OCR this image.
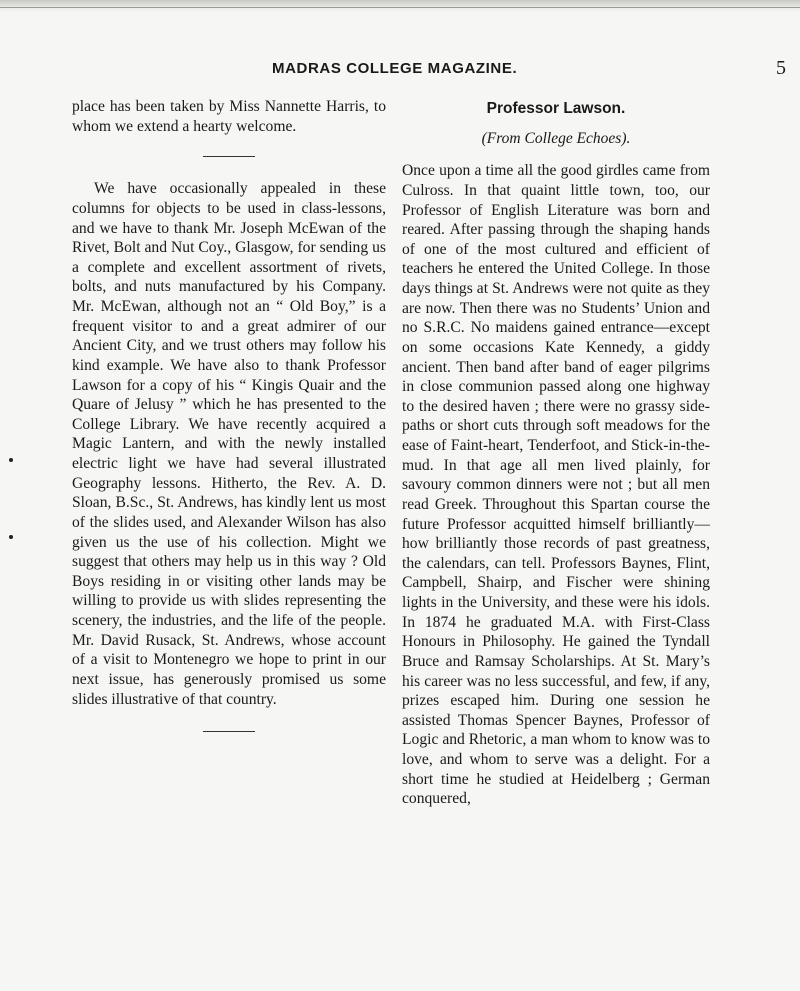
MADRAS COLLEGE MAGAZINE.	5

place has been taken by Miss Nannette Harris, to whom we extend a hearty welcome.

We have occasionally appealed in these columns for objects to be used in class-lessons, and we have to thank Mr. Joseph McEwan of the Rivet, Bolt and Nut Coy., Glasgow, for sending us a complete and excellent assortment of rivets, bolts, and nuts manufactured by his Company. Mr. McEwan, although not an “ Old Boy,” is a frequent visitor to and a great admirer of our Ancient City, and we trust others may follow his kind example. We have also to thank Professor Lawson for a copy of his “ Kingis Quair and the Quare of Jelusy ” which he has presented to the College Library. We have recently acquired a Magic Lantern, and with the newly installed electric light we have had several illustrated Geography lessons. Hitherto, the Rev. A. D. Sloan, B.Sc., St. Andrews, has kindly lent us most of the slides used, and Alexander Wilson has also given us the use of his collection. Might we suggest that others may help us in this way ? Old Boys residing in or visiting other lands may be willing to provide us with slides representing the scenery, the industries, and the life of the people. Mr. David Rusack, St. Andrews, whose account of a visit to Montenegro we hope to print in our next issue, has generously promised us some slides illustrative of that country.

Professor Lawson.
(From College Echoes).

Once upon a time all the good girdles came from Culross. In that quaint little town, too, our Professor of English Literature was born and reared. After passing through the shaping hands of one of the most cultured and efficient of teachers he entered the United College. In those days things at St. Andrews were not quite as they are now. Then there was no Students’ Union and no S.R.C. No maidens gained entrance—except on some occasions Kate Kennedy, a giddy ancient. Then band after band of eager pilgrims in close communion passed along one highway to the desired haven ; there were no grassy side-paths or short cuts through soft meadows for the ease of Faint-heart, Tenderfoot, and Stick-in-the-mud. In that age all men lived plainly, for savoury common dinners were not ; but all men read Greek. Throughout this Spartan course the future Professor acquitted himself brilliantly—how brilliantly those records of past greatness, the calendars, can tell. Professors Baynes, Flint, Campbell, Shairp, and Fischer were shining lights in the University, and these were his idols. In 1874 he graduated M.A. with First-Class Honours in Philosophy. He gained the Tyndall Bruce and Ramsay Scholarships. At St. Mary’s his career was no less successful, and few, if any, prizes escaped him. During one session he assisted Thomas Spencer Baynes, Professor of Logic and Rhetoric, a man whom to know was to love, and whom to serve was a delight. For a short time he studied at Heidelberg ; German conquered,
